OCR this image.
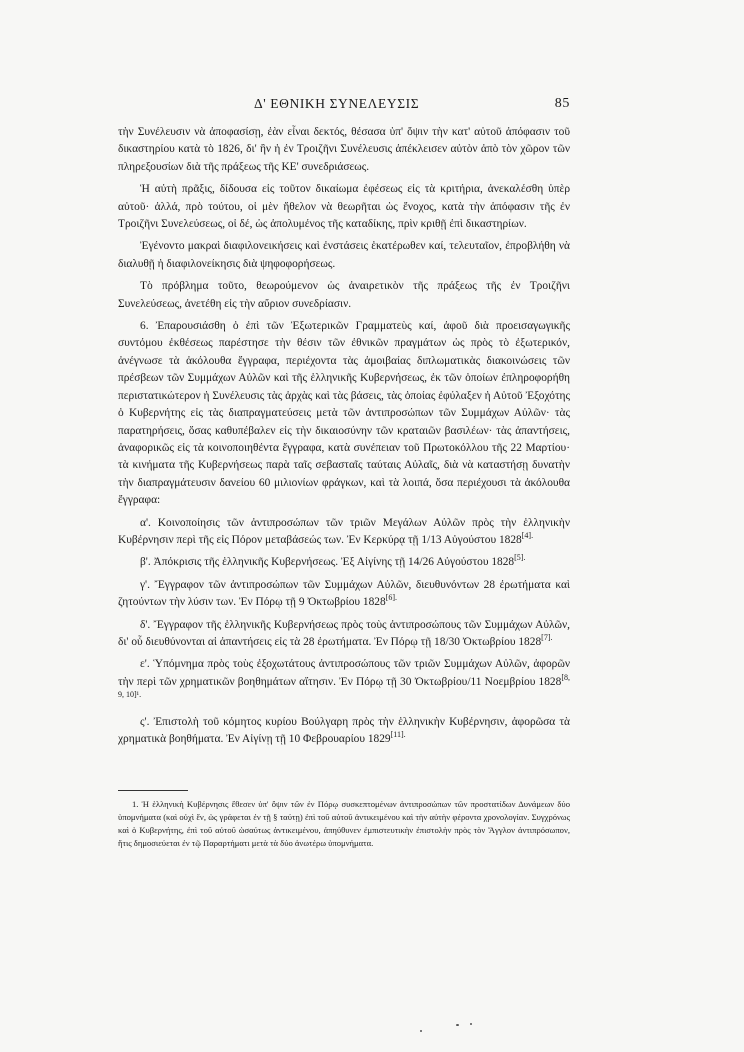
Δ' ΕΘΝΙΚΗ ΣΥΝΕΛΕΥΣΙΣ	85

τὴν Συνέλευσιν νὰ ἀποφασίσῃ, ἐὰν εἶναι δεκτός, θέσασα ὑπ' ὄψιν τὴν κατ' αὐτοῦ ἀπόφασιν τοῦ δικαστηρίου κατὰ τὸ 1826, δι' ἣν ἡ ἐν Τροιζῆνι Συνέλευσις ἀπέκλεισεν αὐτὸν ἀπὸ τὸν χῶρον τῶν πληρεξουσίων διὰ τῆς πράξεως τῆς ΚΕ' συνεδριάσεως.

Ἡ αὐτὴ πρᾶξις, δίδουσα εἰς τοῦτον δικαίωμα ἐφέσεως εἰς τὰ κριτήρια, ἀνεκαλέσθη ὑπὲρ αὐτοῦ· ἀλλά, πρὸ τούτου, οἱ μὲν ἤθελον νὰ θεωρῆται ὡς ἔνοχος, κατὰ τὴν ἀπόφασιν τῆς ἐν Τροιζῆνι Συνελεύσεως, οἱ δέ, ὡς ἀπολυμένος τῆς καταδίκης, πρὶν κριθῇ ἐπὶ δικαστηρίων.

Ἐγένοντο μακραὶ διαφιλονεικήσεις καὶ ἐνστάσεις ἑκατέρωθεν καί, τελευταῖον, ἐπροβλήθη νὰ διαλυθῇ ἡ διαφιλονείκησις διὰ ψηφοφορήσεως.

Τὸ πρόβλημα τοῦτο, θεωρούμενον ὡς ἀναιρετικὸν τῆς πράξεως τῆς ἐν Τροιζῆνι Συνελεύσεως, ἀνετέθη εἰς τὴν αὔριον συνεδρίασιν.

6. Ἐπαρουσιάσθη ὁ ἐπὶ τῶν Ἐξωτερικῶν Γραμματεὺς καί, ἀφοῦ διὰ προεισαγωγικῆς συντόμου ἐκθέσεως παρέστησε τὴν θέσιν τῶν ἐθνικῶν πραγμάτων ὡς πρὸς τὸ ἐξωτερικόν, ἀνέγνωσε τὰ ἀκόλουθα ἔγγραφα, περιέχοντα τὰς ἀμοιβαίας διπλωματικὰς διακοινώσεις τῶν πρέσβεων τῶν Συμμάχων Αὐλῶν καὶ τῆς ἑλληνικῆς Κυβερνήσεως, ἐκ τῶν ὁποίων ἐπληροφορήθη περιστατικώτερον ἡ Συνέλευσις τὰς ἀρχὰς καὶ τὰς βάσεις, τὰς ὁποίας ἐφύλαξεν ἡ Αὐτοῦ Ἐξοχότης ὁ Κυβερνήτης εἰς τὰς διαπραγματεύσεις μετὰ τῶν ἀντιπροσώπων τῶν Συμμάχων Αὐλῶν· τὰς παρατηρήσεις, ὅσας καθυπέβαλεν εἰς τὴν δικαιοσύνην τῶν κραταιῶν βασιλέων· τὰς ἀπαντήσεις, ἀναφορικῶς εἰς τὰ κοινοποιηθέντα ἔγγραφα, κατὰ συνέπειαν τοῦ Πρωτοκόλλου τῆς 22 Μαρτίου· τὰ κινήματα τῆς Κυβερνήσεως παρὰ ταῖς σεβασταῖς ταύταις Αὐλαῖς, διὰ νὰ καταστήσῃ δυνατὴν τὴν διαπραγμάτευσιν δανείου 60 μιλιονίων φράγκων, καὶ τὰ λοιπά, ὅσα περιέχουσι τὰ ἀκόλουθα ἔγγραφα:

α'. Κοινοποίησις τῶν ἀντιπροσώπων τῶν τριῶν Μεγάλων Αὐλῶν πρὸς τὴν ἑλληνικὴν Κυβέρνησιν περὶ τῆς εἰς Πόρον μεταβάσεώς των. Ἐν Κερκύρᾳ τῇ 1/13 Αὐγούστου 1828$^{[4].}$

β'. Ἀπόκρισις τῆς ἑλληνικῆς Κυβερνήσεως. Ἐξ Αἰγίνης τῇ 14/26 Αὐγούστου 1828$^{[5].}$

γ'. Ἔγγραφον τῶν ἀντιπροσώπων τῶν Συμμάχων Αὐλῶν, διευθυνόντων 28 ἐρωτήματα καὶ ζητούντων τὴν λύσιν των. Ἐν Πόρῳ τῇ 9 Ὀκτωβρίου 1828$^{[6].}$

δ'. Ἔγγραφον τῆς ἑλληνικῆς Κυβερνήσεως πρὸς τοὺς ἀντιπροσώπους τῶν Συμμάχων Αὐλῶν, δι' οὗ διευθύνονται αἱ ἀπαντήσεις εἰς τὰ 28 ἐρωτήματα. Ἐν Πόρῳ τῇ 18/30 Ὀκτωβρίου 1828$^{[7].}$

ε'. Ὑπόμνημα πρὸς τοὺς ἐξοχωτάτους ἀντιπροσώπους τῶν τριῶν Συμμάχων Αὐλῶν, ἀφορῶν τὴν περὶ τῶν χρηματικῶν βοηθημάτων αἴτησιν. Ἐν Πόρῳ τῇ 30 Ὀκτωβρίου/11 Νοεμβρίου 1828$^{[8, 9, 10]^1.}$

ς'. Ἐπιστολὴ τοῦ κόμητος κυρίου Βούλγαρη πρὸς τὴν ἑλληνικὴν Κυβέρνησιν, ἀφορῶσα τὰ χρηματικὰ βοηθήματα. Ἐν Αἰγίνῃ τῇ 10 Φεβρουαρίου 1829$^{[11].}$

1. Ἡ ἑλληνικὴ Κυβέρνησις ἔθεσεν ὑπ' ὄψιν τῶν ἐν Πόρῳ συσκεπτομένων ἀντιπροσώπων τῶν προστατίδων Δυνάμεων δύο ὑπομνήματα (καὶ οὐχὶ ἕν, ὡς γράφεται ἐν τῇ § ταύτῃ) ἐπὶ τοῦ αὐτοῦ ἀντικειμένου καὶ τὴν αὐτὴν φέροντα χρονολογίαν. Συγχρόνως καὶ ὁ Κυβερνήτης, ἐπὶ τοῦ αὐτοῦ ὡσαύτως ἀντικειμένου, ἀπηύθυνεν ἐμπιστευτικὴν ἐπιστολὴν πρὸς τὸν Ἄγγλον ἀντιπρόσωπον, ἥτις δημοσιεύεται ἐν τῷ Παραρτήματι μετὰ τὰ δύο ἀνωτέρω ὑπομνήματα.
